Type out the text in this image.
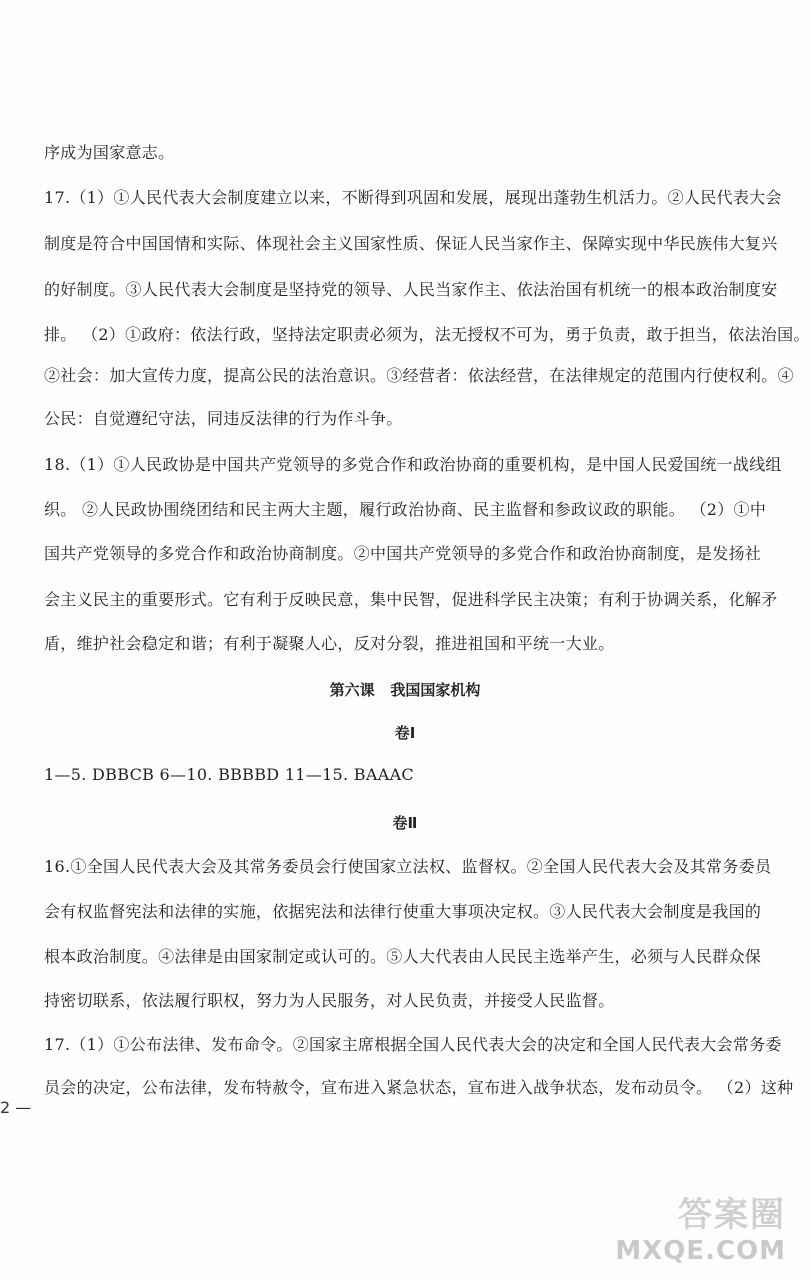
序成为国家意志。
17.（1）①人民代表大会制度建立以来，不断得到巩固和发展，展现出蓬勃生机活力。②人民代表大会
制度是符合中国国情和实际、体现社会主义国家性质、保证人民当家作主、保障实现中华民族伟大复兴
的好制度。③人民代表大会制度是坚持党的领导、人民当家作主、依法治国有机统一的根本政治制度安
排。 （2）①政府：依法行政，坚持法定职责必须为，法无授权不可为，勇于负责，敢于担当，依法治国。
②社会：加大宣传力度，提高公民的法治意识。③经营者：依法经营，在法律规定的范围内行使权利。④
公民：自觉遵纪守法，同违反法律的行为作斗争。
18.（1）①人民政协是中国共产党领导的多党合作和政治协商的重要机构，是中国人民爱国统一战线组
织。 ②人民政协围绕团结和民主两大主题，履行政治协商、民主监督和参政议政的职能。 （2）①中
国共产党领导的多党合作和政治协商制度。②中国共产党领导的多党合作和政治协商制度，是发扬社
会主义民主的重要形式。它有利于反映民意，集中民智，促进科学民主决策；有利于协调关系，化解矛
盾，维护社会稳定和谐；有利于凝聚人心，反对分裂，推进祖国和平统一大业。
第六课   我国国家机构
卷Ⅰ
1—5. DBBCB 6—10. BBBBD 11—15. BAAAC
卷Ⅱ
16.①全国人民代表大会及其常务委员会行使国家立法权、监督权。②全国人民代表大会及其常务委员
会有权监督宪法和法律的实施，依据宪法和法律行使重大事项决定权。③人民代表大会制度是我国的
根本政治制度。④法律是由国家制定或认可的。⑤人大代表由人民民主选举产生，必须与人民群众保
持密切联系，依法履行职权，努力为人民服务，对人民负责，并接受人民监督。
17.（1）①公布法律、发布命令。②国家主席根据全国人民代表大会的决定和全国人民代表大会常务委
员会的决定，公布法律，发布特赦令，宣布进入紧急状态，宣布进入战争状态，发布动员令。 （2）这种
2 —
答案圈
MXQE.COM
